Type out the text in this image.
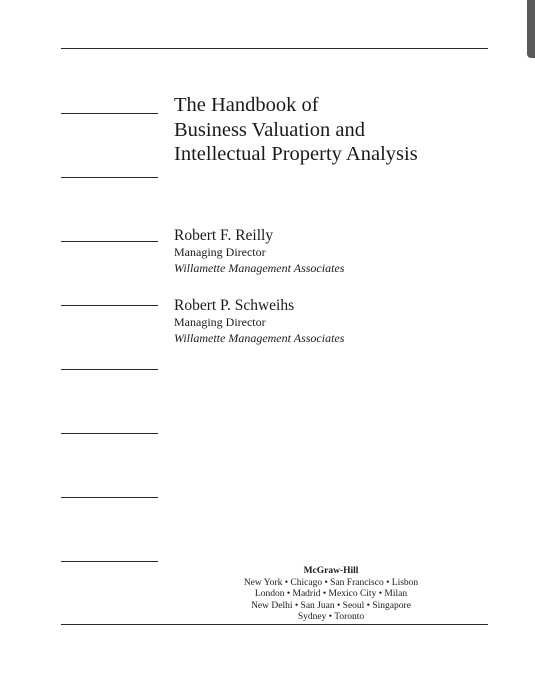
The Handbook of
Business Valuation and
Intellectual Property Analysis
Robert F. Reilly
Managing Director
Willamette Management Associates
Robert P. Schweihs
Managing Director
Willamette Management Associates
McGraw-Hill
New York • Chicago • San Francisco • Lisbon
London • Madrid • Mexico City • Milan
New Delhi • San Juan • Seoul • Singapore
Sydney • Toronto
